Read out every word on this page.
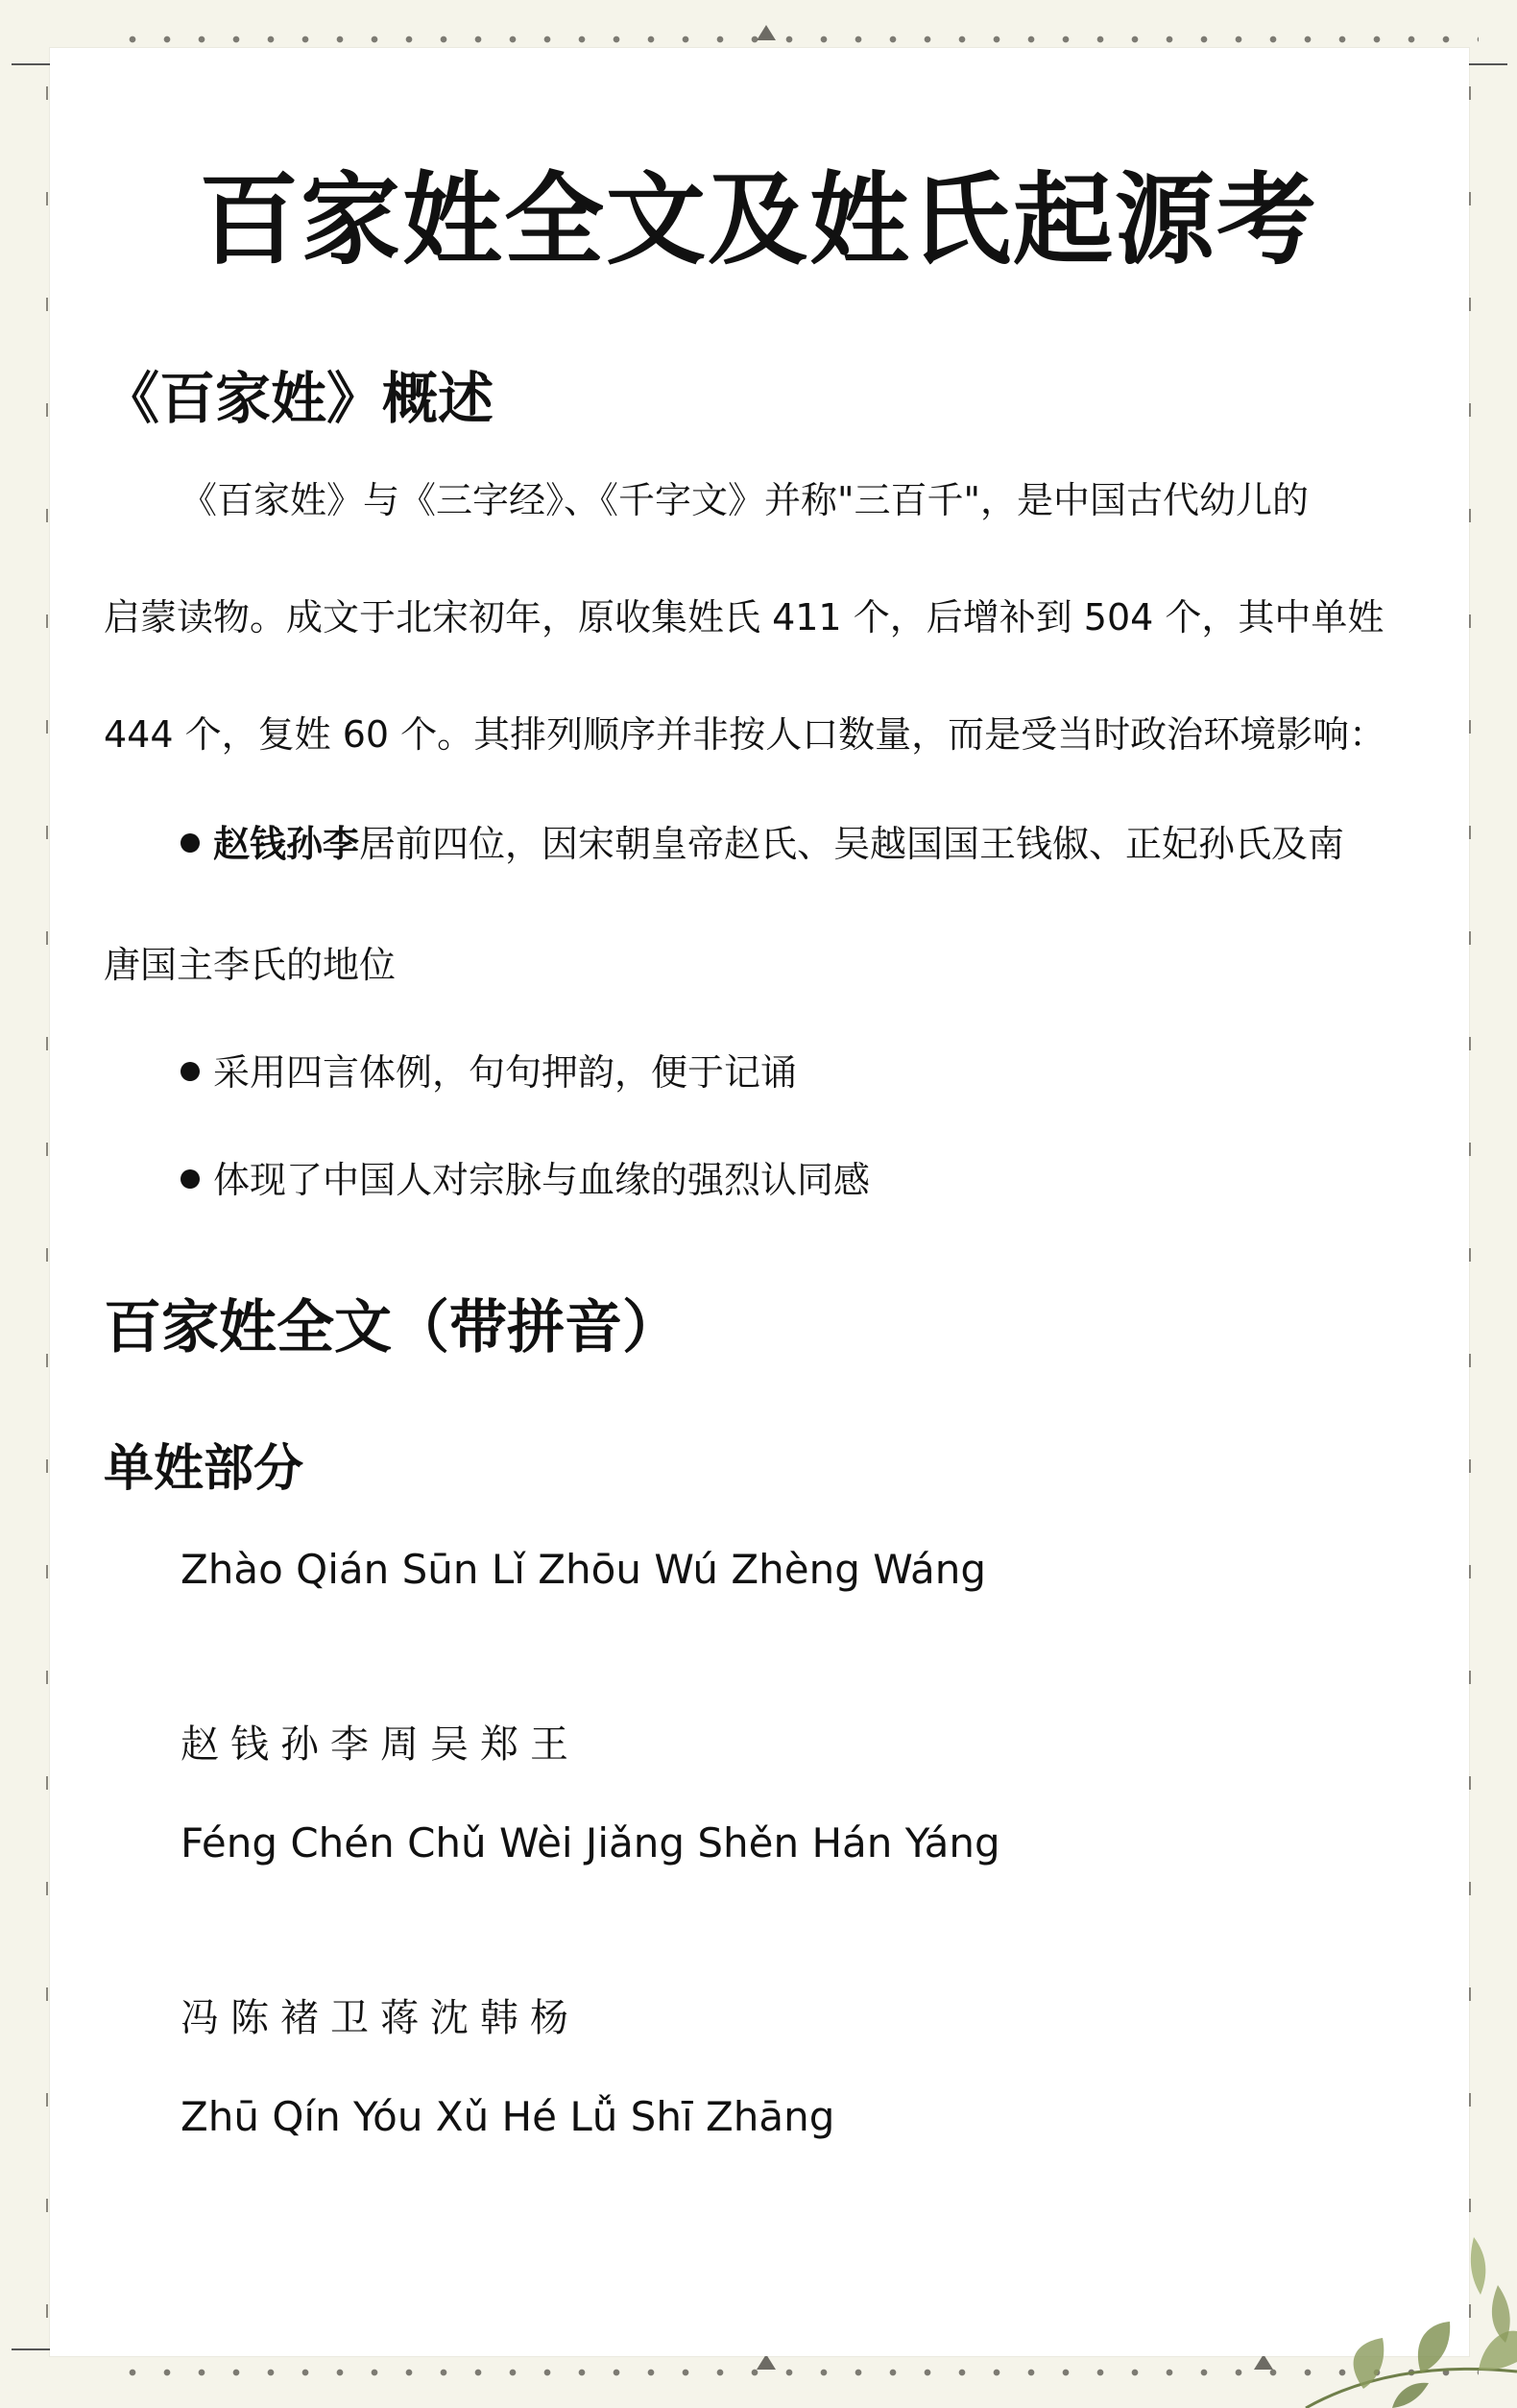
百家姓全文及姓氏起源考
《百家姓》概述

《百家姓》与《三字经》、《千字文》并称"三百千"，是中国古代幼儿的

启蒙读物。成文于北宋初年，原收集姓氏 411 个，后增补到 504 个，其中单姓

444 个，复姓 60 个。其排列顺序并非按人口数量，而是受当时政治环境影响：

赵钱孙李居前四位，因宋朝皇帝赵氏、吴越国国王钱俶、正妃孙氏及南

唐国主李氏的地位

采用四言体例，句句押韵，便于记诵

体现了中国人对宗脉与血缘的强烈认同感

百家姓全文（带拼音）
单姓部分

Zhào Qián Sūn Lǐ Zhōu Wú Zhèng Wáng

赵钱孙李周吴郑王

Féng Chén Chǔ Wèi Jiǎng Shěn Hán Yáng

冯陈褚卫蒋沈韩杨

Zhū Qín Yóu Xǔ Hé Lǚ Shī Zhāng
